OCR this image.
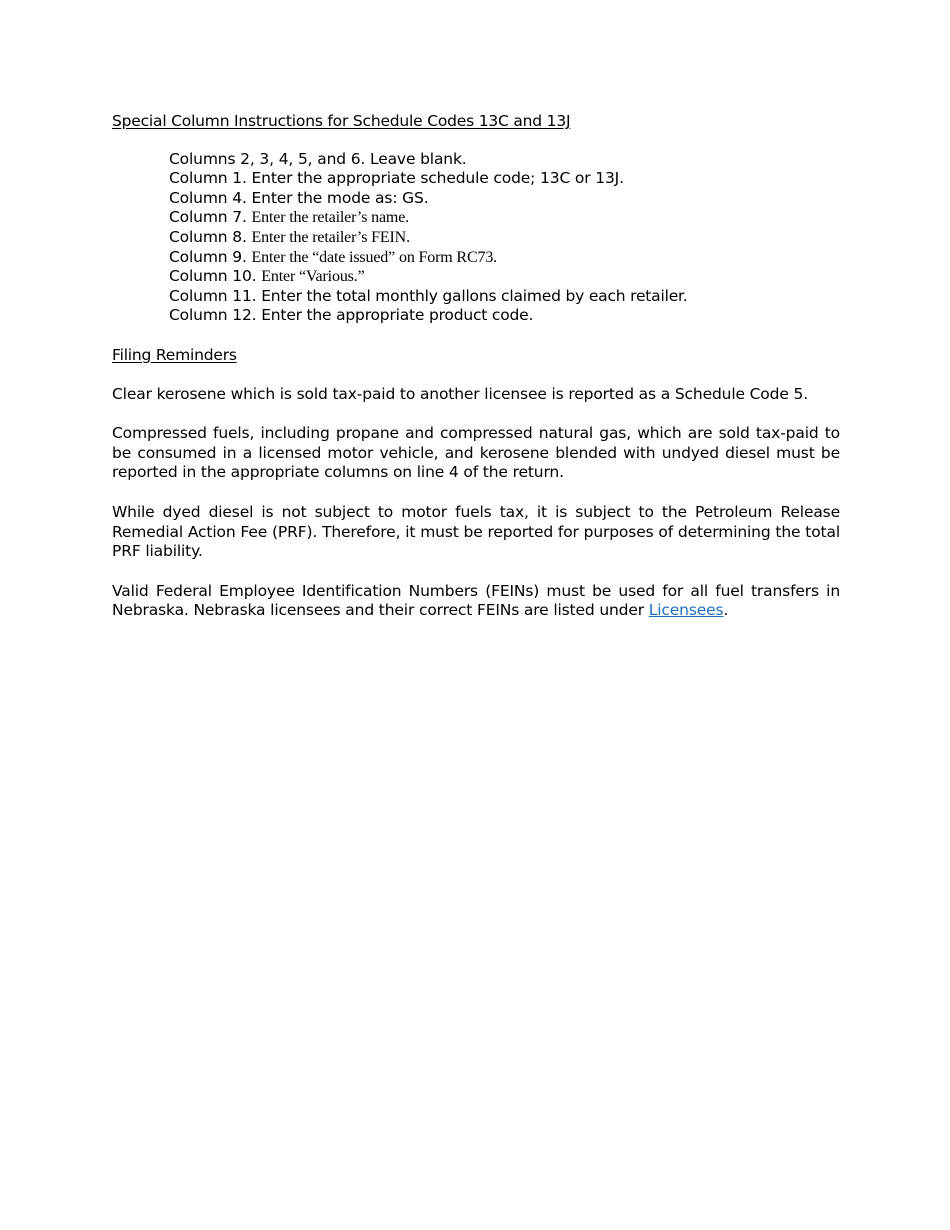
Special Column Instructions for Schedule Codes 13C and 13J

Columns 2, 3, 4, 5, and 6. Leave blank.
Column 1. Enter the appropriate schedule code; 13C or 13J.
Column 4. Enter the mode as: GS.
Column 7. Enter the retailer’s name.
Column 8. Enter the retailer’s FEIN.
Column 9. Enter the “date issued” on Form RC73.
Column 10. Enter “Various.”
Column 11. Enter the total monthly gallons claimed by each retailer.
Column 12. Enter the appropriate product code.

Filing Reminders

Clear kerosene which is sold tax-paid to another licensee is reported as a Schedule Code 5.

Compressed fuels, including propane and compressed natural gas, which are sold tax-paid to be consumed in a licensed motor vehicle, and kerosene blended with undyed diesel must be reported in the appropriate columns on line 4 of the return.

While dyed diesel is not subject to motor fuels tax, it is subject to the Petroleum Release Remedial Action Fee (PRF). Therefore, it must be reported for purposes of determining the total PRF liability.

Valid Federal Employee Identification Numbers (FEINs) must be used for all fuel transfers in Nebraska. Nebraska licensees and their correct FEINs are listed under Licensees.
